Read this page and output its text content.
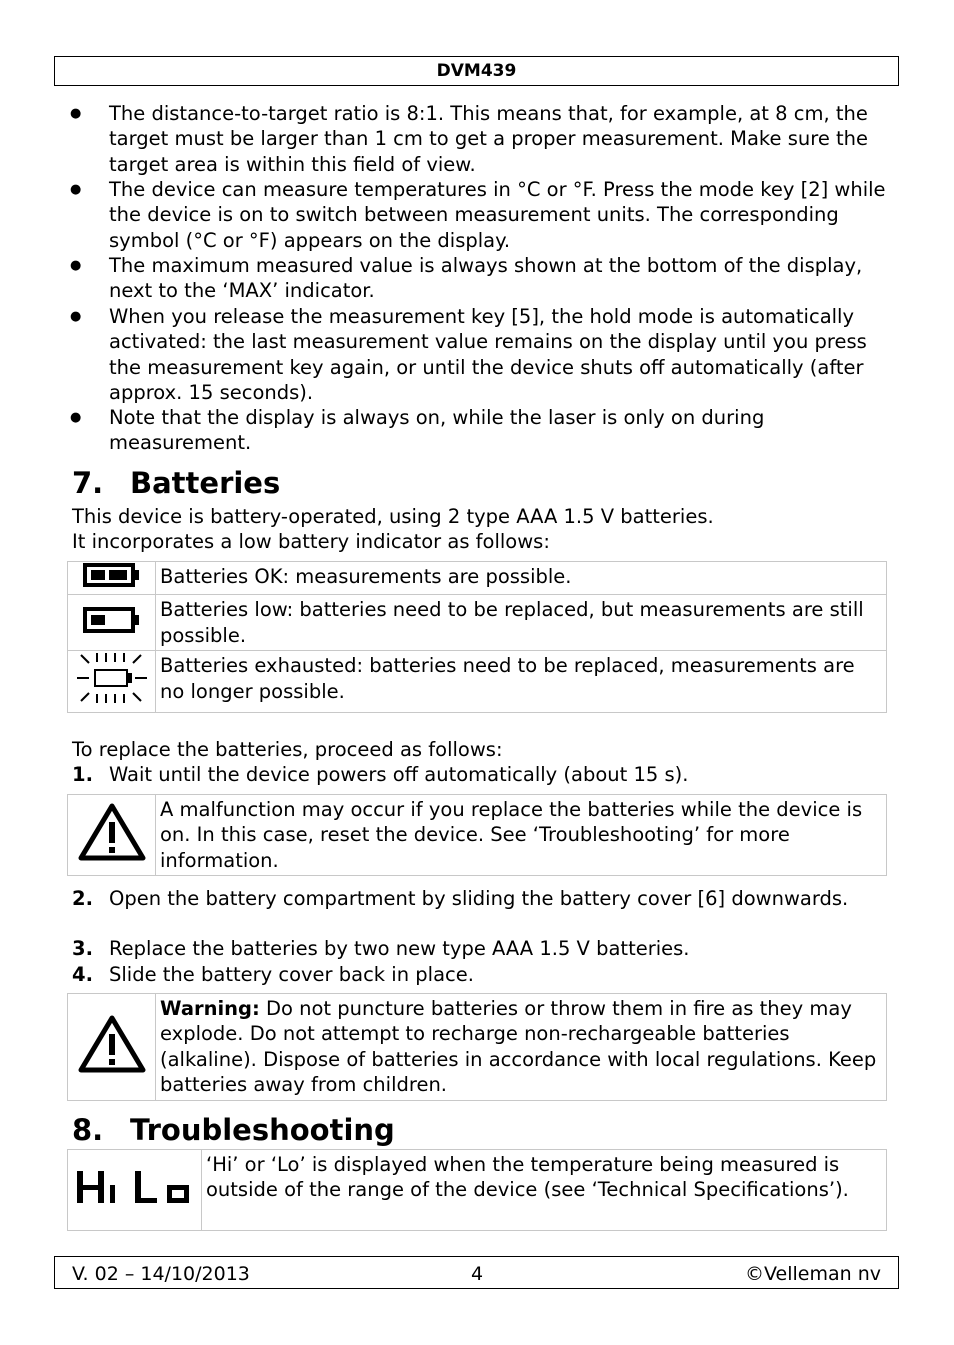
DVM439
● The distance-to-target ratio is 8:1. This means that, for example, at 8 cm, the target must be larger than 1 cm to get a proper measurement. Make sure the target area is within this field of view.
● The device can measure temperatures in °C or °F. Press the mode key [2] while the device is on to switch between measurement units. The corresponding symbol (°C or °F) appears on the display.
● The maximum measured value is always shown at the bottom of the display, next to the ‘MAX’ indicator.
● When you release the measurement key [5], the hold mode is automatically activated: the last measurement value remains on the display until you press the measurement key again, or until the device shuts off automatically (after approx. 15 seconds).
● Note that the display is always on, while the laser is only on during measurement.
7. Batteries
This device is battery-operated, using 2 type AAA 1.5 V batteries.
It incorporates a low battery indicator as follows:
	Batteries OK: measurements are possible.
	Batteries low: batteries need to be replaced, but measurements are still possible.
	Batteries exhausted: batteries need to be replaced, measurements are no longer possible.
To replace the batteries, proceed as follows:
1. Wait until the device powers off automatically (about 15 s).
	A malfunction may occur if you replace the batteries while the device is on. In this case, reset the device. See ‘Troubleshooting’ for more information.
2. Open the battery compartment by sliding the battery cover [6] downwards.
3. Replace the batteries by two new type AAA 1.5 V batteries.
4. Slide the battery cover back in place.
	Warning: Do not puncture batteries or throw them in fire as they may explode. Do not attempt to recharge non-rechargeable batteries (alkaline). Dispose of batteries in accordance with local regulations. Keep batteries away from children.
8. Troubleshooting
	‘Hi’ or ‘Lo’ is displayed when the temperature being measured is outside of the range of the device (see ‘Technical Specifications’).
V. 02 – 14/10/2013	4	©Velleman nv
